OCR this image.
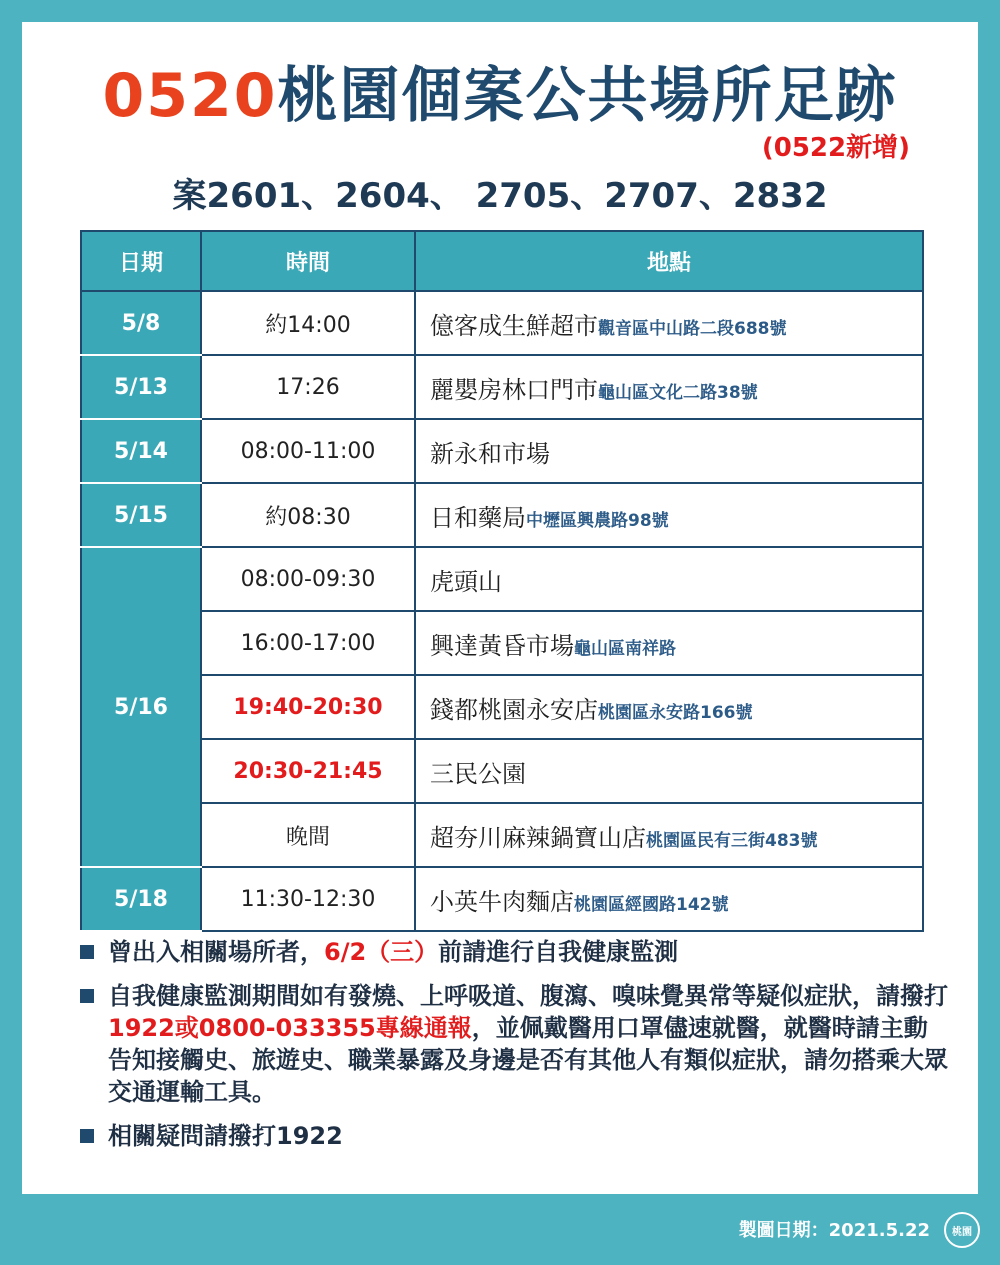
0520桃園個案公共場所足跡
(0522新增)
案2601、2604、 2705、2707、2832
日期	時間	地點
5/8	約14:00	億客成生鮮超市觀音區中山路二段688號
5/13	17:26	麗嬰房林口門市龜山區文化二路38號
5/14	08:00-11:00	新永和市場
5/15	約08:30	日和藥局中壢區興農路98號
5/16	08:00-09:30	虎頭山
	16:00-17:00	興達黃昏市場龜山區南祥路
	19:40-20:30	錢都桃園永安店桃園區永安路166號
	20:30-21:45	三民公園
	晚間	超夯川麻辣鍋寶山店桃園區民有三街483號
5/18	11:30-12:30	小英牛肉麵店桃園區經國路142號
曾出入相關場所者，6/2（三）前請進行自我健康監測
自我健康監測期間如有發燒、上呼吸道、腹瀉、嗅味覺異常等疑似症狀，請撥打1922或0800-033355專線通報，並佩戴醫用口罩儘速就醫，就醫時請主動告知接觸史、旅遊史、職業暴露及身邊是否有其他人有類似症狀，請勿搭乘大眾交通運輸工具。
相關疑問請撥打1922
製圖日期：2021.5.22	桃園
